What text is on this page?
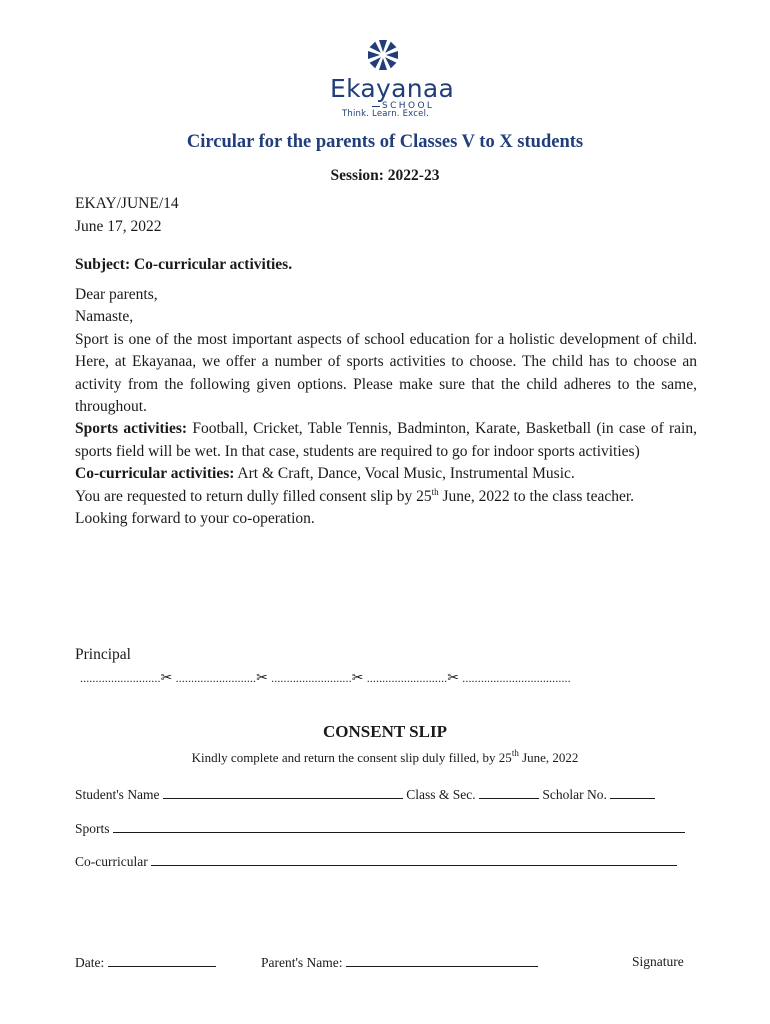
Ekayanaa
SCHOOL
Think. Learn. Excel.
Circular for the parents of Classes V to X students
Session: 2022-23
EKAY/JUNE/14
June 17, 2022
Subject: Co-curricular activities.

Dear parents,

Namaste,

Sport is one of the most important aspects of school education for a holistic development of child. Here, at Ekayanaa, we offer a number of sports activities to choose. The child has to choose an activity from the following given options. Please make sure that the child adheres to the same, throughout.

Sports activities: Football, Cricket, Table Tennis, Badminton, Karate, Basketball (in case of rain, sports field will be wet. In that case, students are required to go for indoor sports activities)

Co-curricular activities: Art & Craft, Dance, Vocal Music, Instrumental Music.

You are requested to return dully filled consent slip by 25th June, 2022 to the class teacher.

Looking forward to your co-operation.

Principal
..........................✂ ..........................✂ ..........................✂ ..........................✂ ...................................
CONSENT SLIP
Kindly complete and return the consent slip duly filled, by 25th June, 2022
Student's Name	Class & Sec.	Scholar No.
Sports
Co-curricular
Date:	Parent's Name:	Signature
